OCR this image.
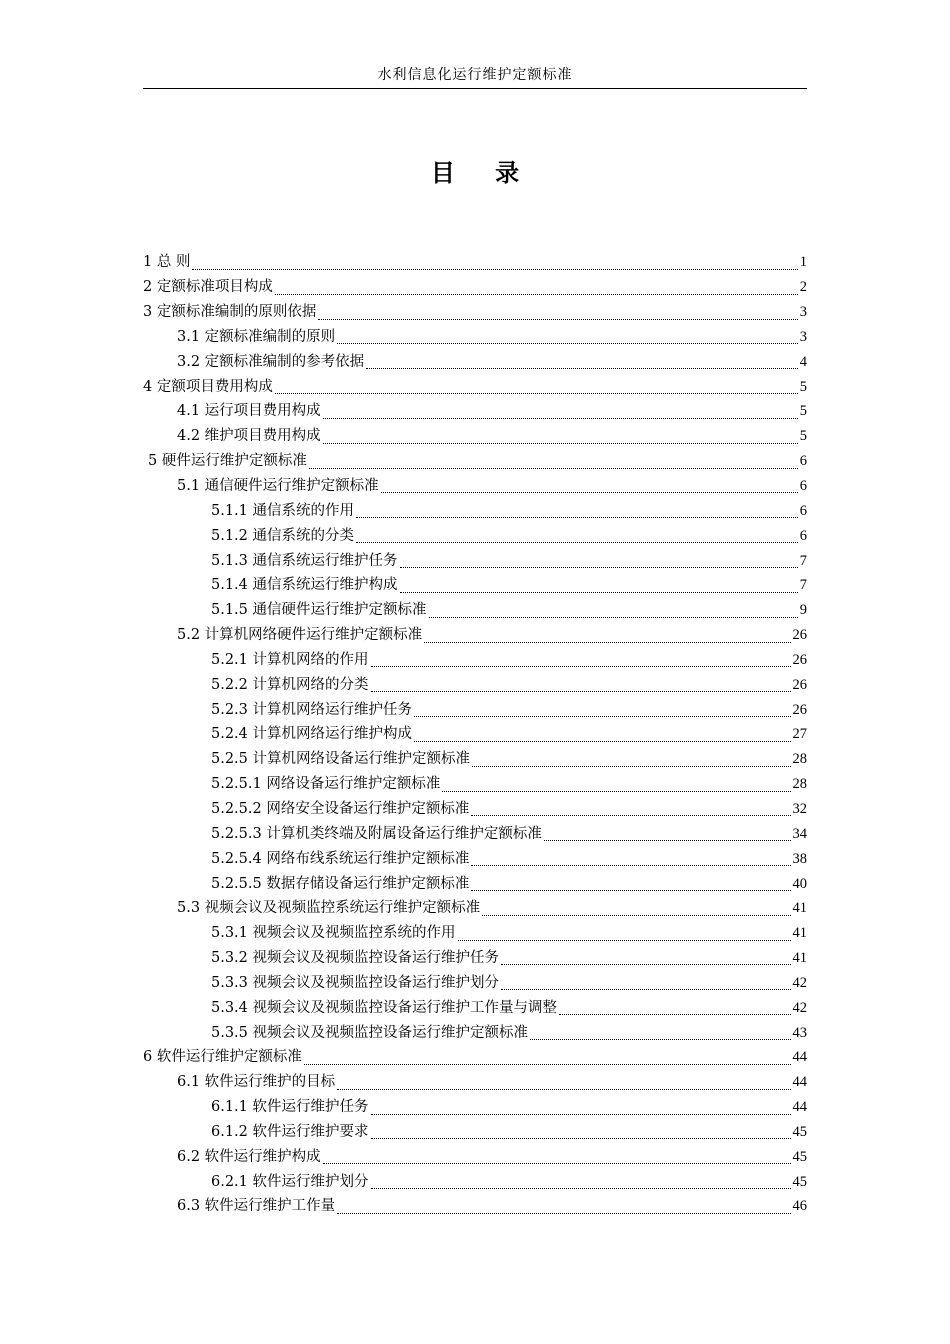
水利信息化运行维护定额标准
目 录
1 总 则	1
2 定额标准项目构成	2
3 定额标准编制的原则依据	3
3.1 定额标准编制的原则	3
3.2 定额标准编制的参考依据	4
4 定额项目费用构成	5
4.1 运行项目费用构成	5
4.2 维护项目费用构成	5
5 硬件运行维护定额标准	6
5.1 通信硬件运行维护定额标准	6
5.1.1 通信系统的作用	6
5.1.2 通信系统的分类	6
5.1.3 通信系统运行维护任务	7
5.1.4 通信系统运行维护构成	7
5.1.5 通信硬件运行维护定额标准	9
5.2 计算机网络硬件运行维护定额标准	26
5.2.1 计算机网络的作用	26
5.2.2 计算机网络的分类	26
5.2.3 计算机网络运行维护任务	26
5.2.4 计算机网络运行维护构成	27
5.2.5 计算机网络设备运行维护定额标准	28
5.2.5.1 网络设备运行维护定额标准	28
5.2.5.2 网络安全设备运行维护定额标准	32
5.2.5.3 计算机类终端及附属设备运行维护定额标准	34
5.2.5.4 网络布线系统运行维护定额标准	38
5.2.5.5 数据存储设备运行维护定额标准	40
5.3 视频会议及视频监控系统运行维护定额标准	41
5.3.1 视频会议及视频监控系统的作用	41
5.3.2 视频会议及视频监控设备运行维护任务	41
5.3.3 视频会议及视频监控设备运行维护划分	42
5.3.4 视频会议及视频监控设备运行维护工作量与调整	42
5.3.5 视频会议及视频监控设备运行维护定额标准	43
6 软件运行维护定额标准	44
6.1 软件运行维护的目标	44
6.1.1 软件运行维护任务	44
6.1.2 软件运行维护要求	45
6.2 软件运行维护构成	45
6.2.1 软件运行维护划分	45
6.3 软件运行维护工作量	46
